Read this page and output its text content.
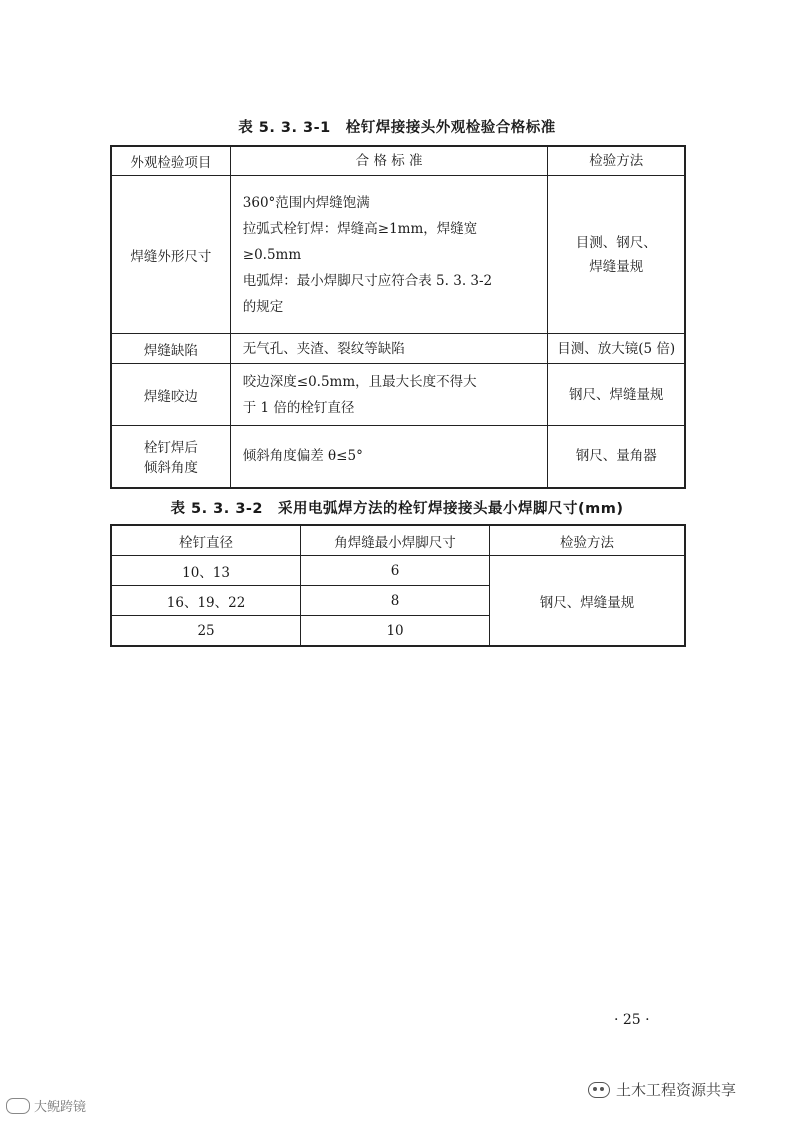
表 5. 3. 3-1　栓钉焊接接头外观检验合格标准
外观检验项目	合 格 标 准	检验方法
焊缝外形尺寸	360°范围内焊缝饱满
拉弧式栓钉焊：焊缝高≥1mm，焊缝宽
≥0.5mm
电弧焊：最小焊脚尺寸应符合表 5. 3. 3-2
的规定	目测、钢尺、
焊缝量规

焊缝缺陷	无气孔、夹渣、裂纹等缺陷	目测、放大镜(5 倍)

焊缝咬边	咬边深度≤0.5mm，且最大长度不得大
于 1 倍的栓钉直径	钢尺、焊缝量规

栓钉焊后
倾斜角度	倾斜角度偏差 θ≤5°	钢尺、量角器
表 5. 3. 3-2　采用电弧焊方法的栓钉焊接接头最小焊脚尺寸(mm)
栓钉直径	角焊缝最小焊脚尺寸	检验方法
10、13	6	钢尺、焊缝量规
16、19、22	8	
25	10	
· 25 ·
土木工程资源共享
大鲵跨镜
